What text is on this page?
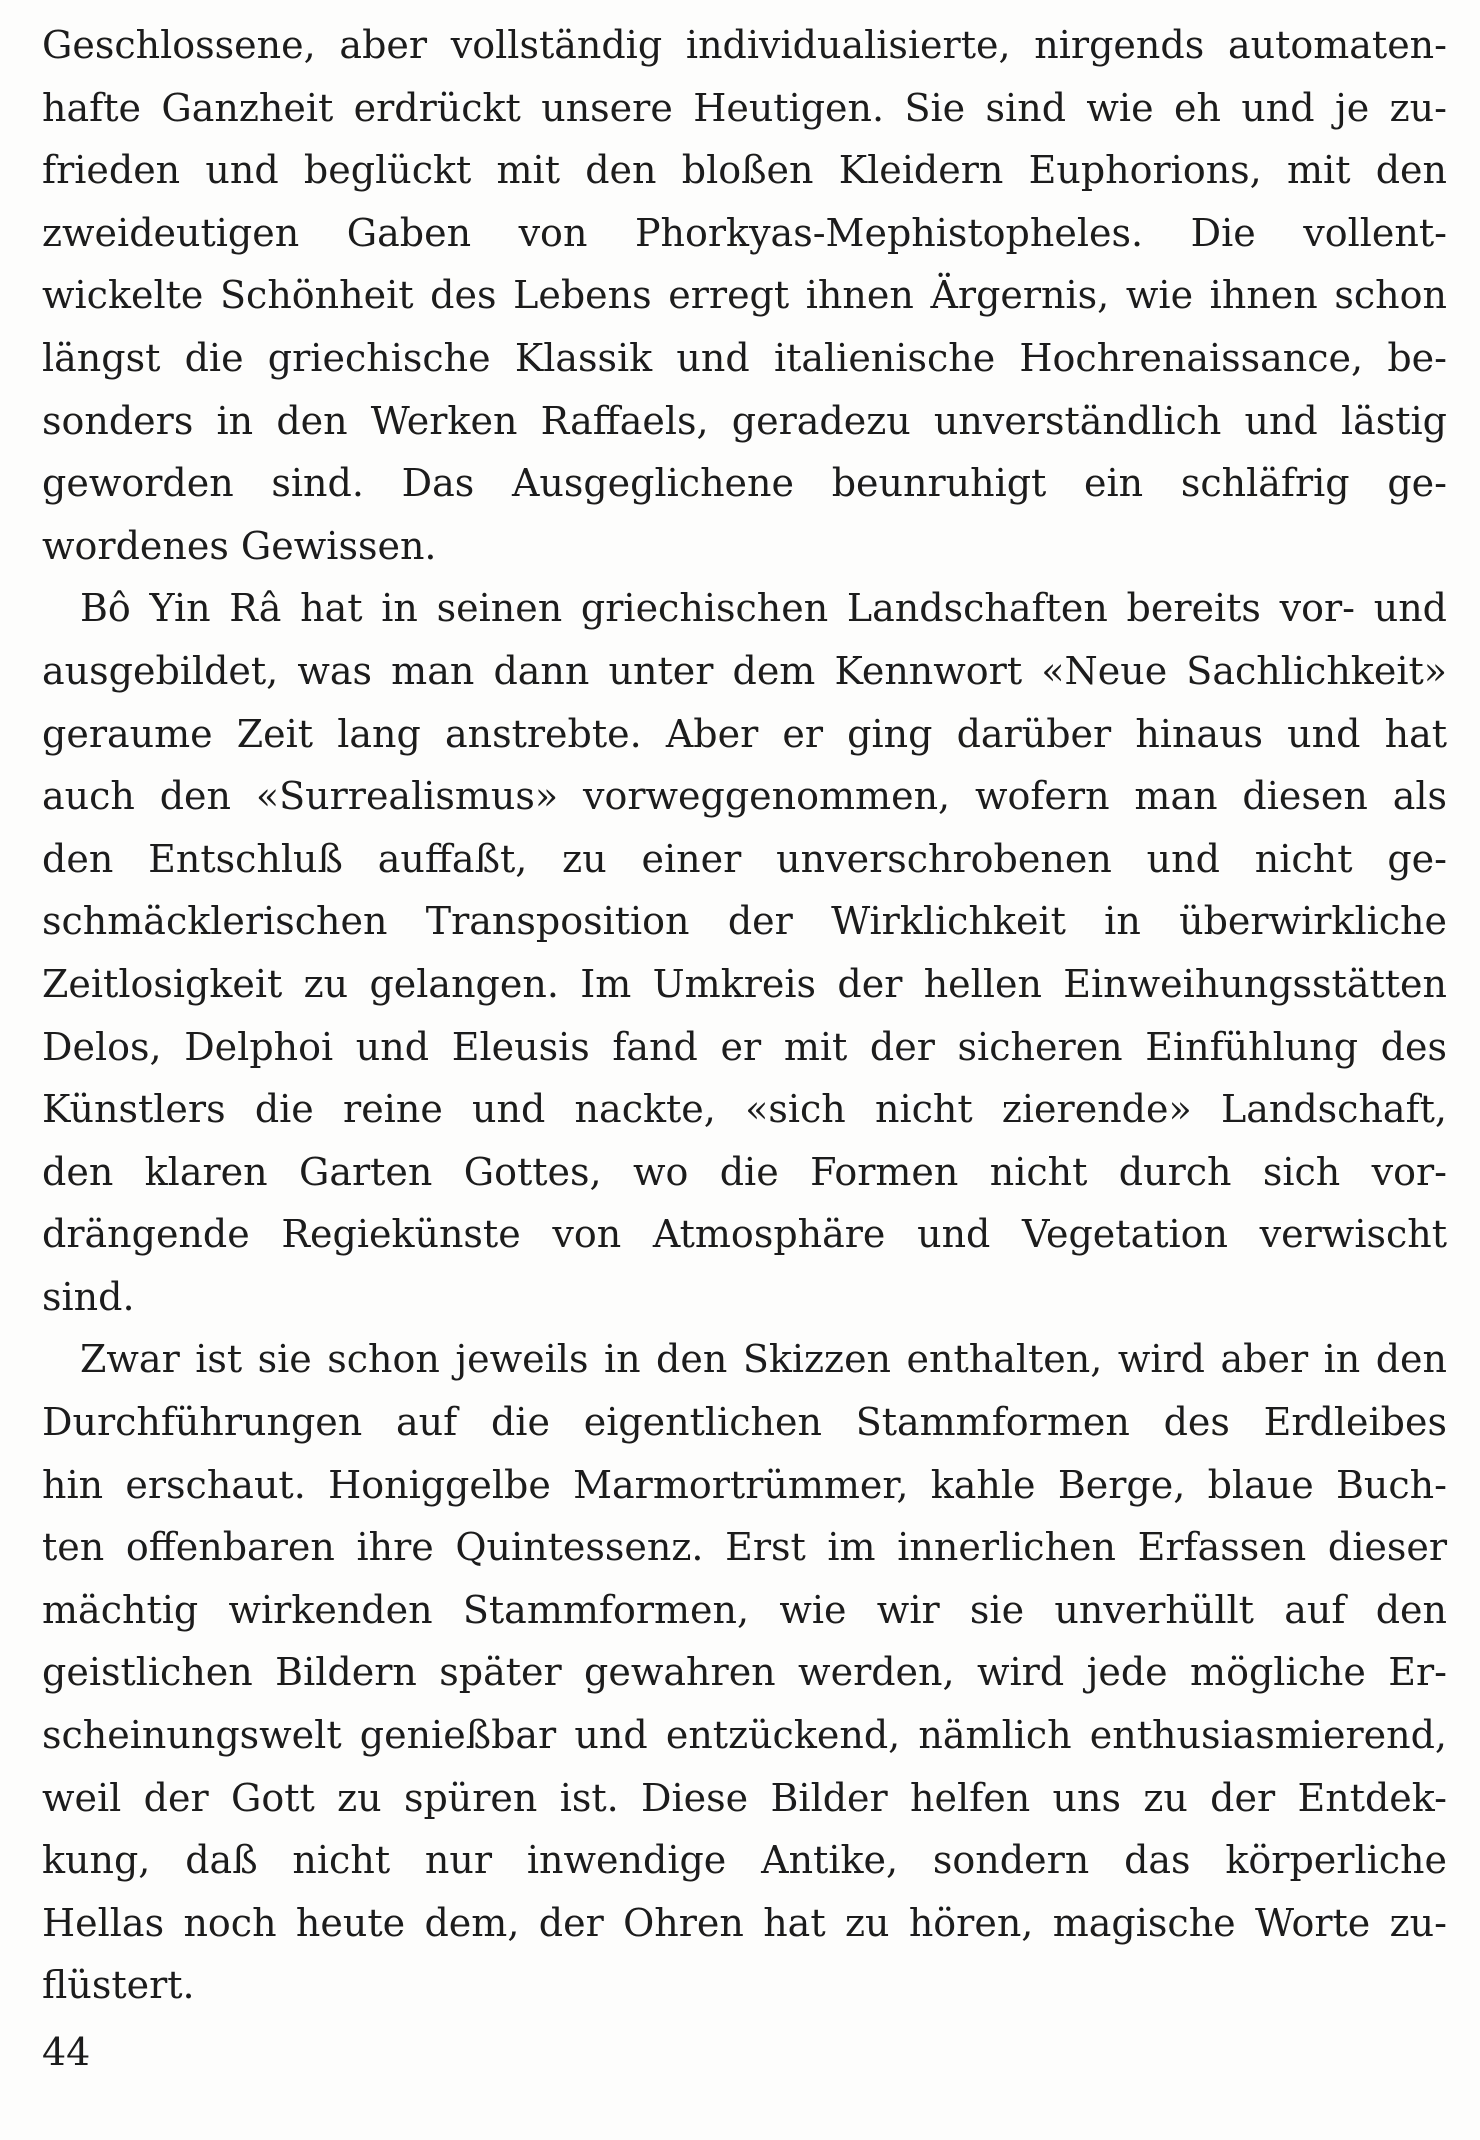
Geschlossene, aber vollständig individualisierte, nirgends automaten-
hafte Ganzheit erdrückt unsere Heutigen. Sie sind wie eh und je zu-
frieden und beglückt mit den bloßen Kleidern Euphorions, mit den
zweideutigen Gaben von Phorkyas-Mephistopheles. Die vollent-
wickelte Schönheit des Lebens erregt ihnen Ärgernis, wie ihnen schon
längst die griechische Klassik und italienische Hochrenaissance, be-
sonders in den Werken Raffaels, geradezu unverständlich und lästig
geworden sind. Das Ausgeglichene beunruhigt ein schläfrig ge-
wordenes Gewissen.
Bô Yin Râ hat in seinen griechischen Landschaften bereits vor- und
ausgebildet, was man dann unter dem Kennwort «Neue Sachlichkeit»
geraume Zeit lang anstrebte. Aber er ging darüber hinaus und hat
auch den «Surrealismus» vorweggenommen, wofern man diesen als
den Entschluß auffaßt, zu einer unverschrobenen und nicht ge-
schmäcklerischen Transposition der Wirklichkeit in überwirkliche
Zeitlosigkeit zu gelangen. Im Umkreis der hellen Einweihungsstätten
Delos, Delphoi und Eleusis fand er mit der sicheren Einfühlung des
Künstlers die reine und nackte, «sich nicht zierende» Landschaft,
den klaren Garten Gottes, wo die Formen nicht durch sich vor-
drängende Regiekünste von Atmosphäre und Vegetation verwischt
sind.
Zwar ist sie schon jeweils in den Skizzen enthalten, wird aber in den
Durchführungen auf die eigentlichen Stammformen des Erdleibes
hin erschaut. Honiggelbe Marmortrümmer, kahle Berge, blaue Buch-
ten offenbaren ihre Quintessenz. Erst im innerlichen Erfassen dieser
mächtig wirkenden Stammformen, wie wir sie unverhüllt auf den
geistlichen Bildern später gewahren werden, wird jede mögliche Er-
scheinungswelt genießbar und entzückend, nämlich enthusiasmierend,
weil der Gott zu spüren ist. Diese Bilder helfen uns zu der Entdek-
kung, daß nicht nur inwendige Antike, sondern das körperliche
Hellas noch heute dem, der Ohren hat zu hören, magische Worte zu-
flüstert.
44
